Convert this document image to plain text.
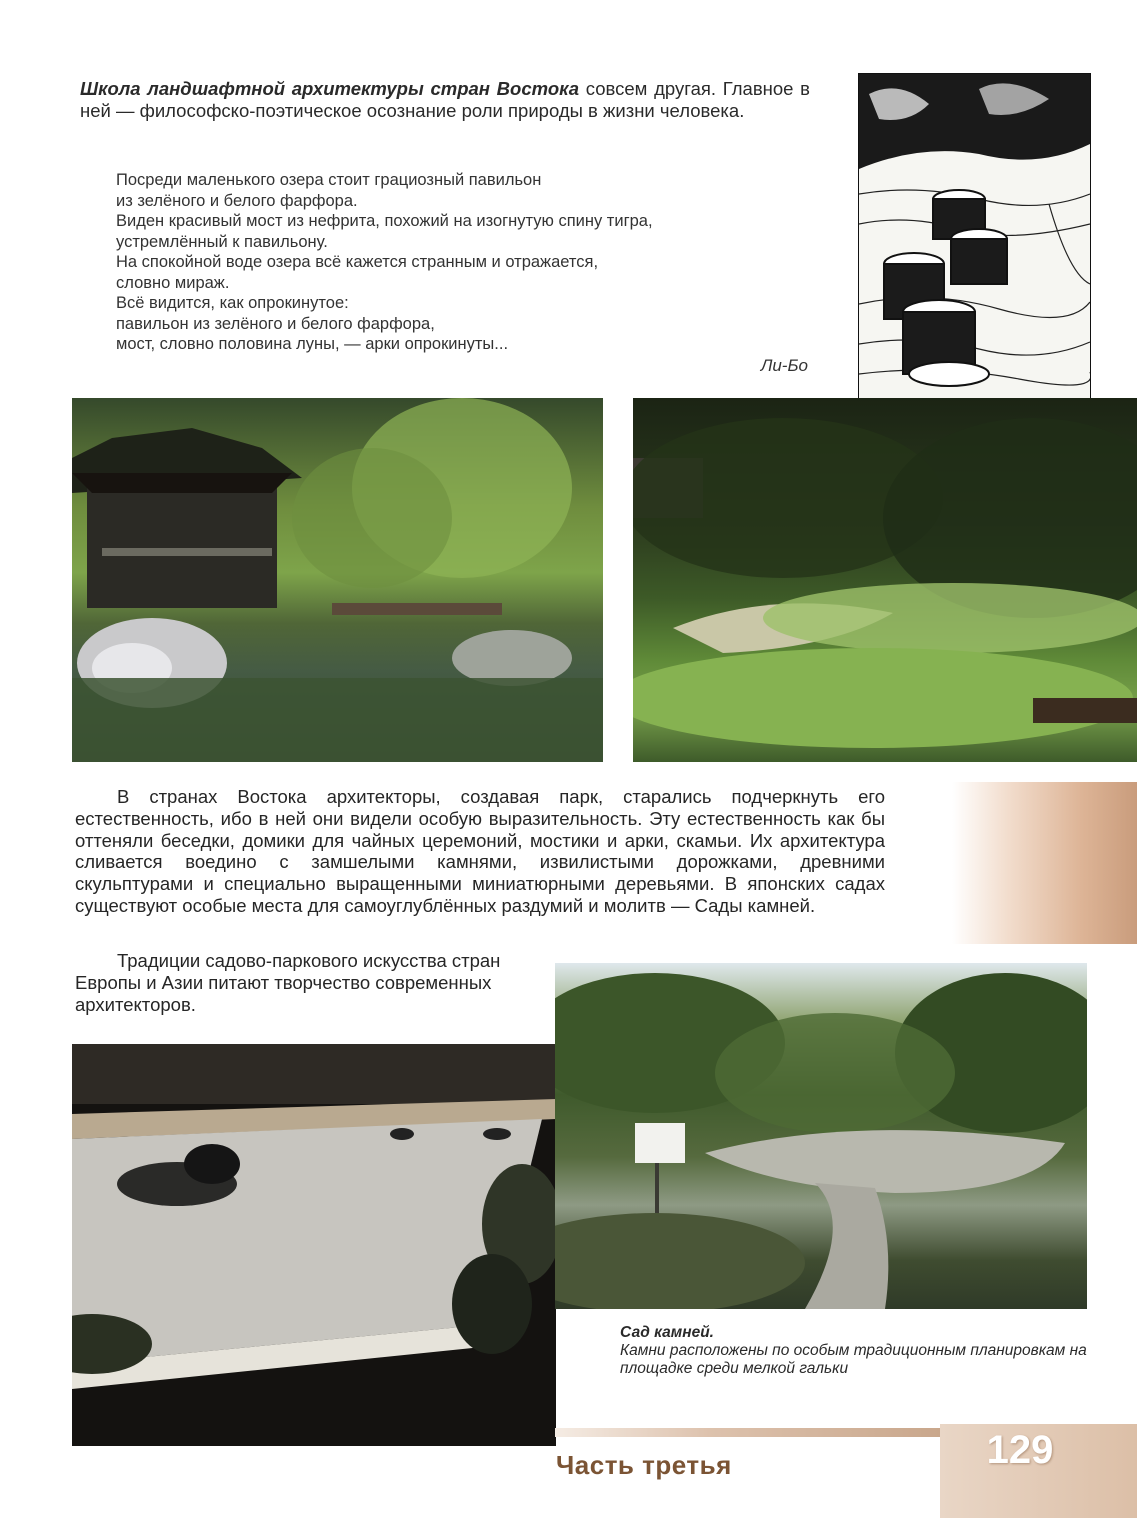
Школа ландшафтной архитектуры стран Востока совсем другая. Главное в ней — философско-поэтическое осознание роли природы в жизни человека.
Посреди маленького озера стоит грациозный павильон
из зелёного и белого фарфора.
Виден красивый мост из нефрита, похожий на изогнутую спину тигра,
устремлённый к павильону.
На спокойной воде озера всё кажется странным и отражается,
словно мираж.
Всё видится, как опрокинутое:
павильон из зелёного и белого фарфора,
мост, словно половина луны, — арки опрокинуты...
Ли-Бо

В странах Востока архитекторы, создавая парк, старались подчеркнуть его естественность, ибо в ней они видели особую выразительность. Эту естественность как бы оттеняли беседки, домики для чайных церемоний, мостики и арки, скамьи. Их архитектура сливается воедино с замшелыми камнями, извилистыми дорожками, древними скульптурами и специально выращенными миниатюрными деревьями. В японских садах существуют особые места для самоуглублённых раздумий и молитв — Сады камней.

Традиции садово-паркового искусства стран Европы и Азии питают творчество современных архитекторов.

Сад камней.
Камни расположены по особым традиционным планировкам на площадке среди мелкой гальки
Часть третья	129
